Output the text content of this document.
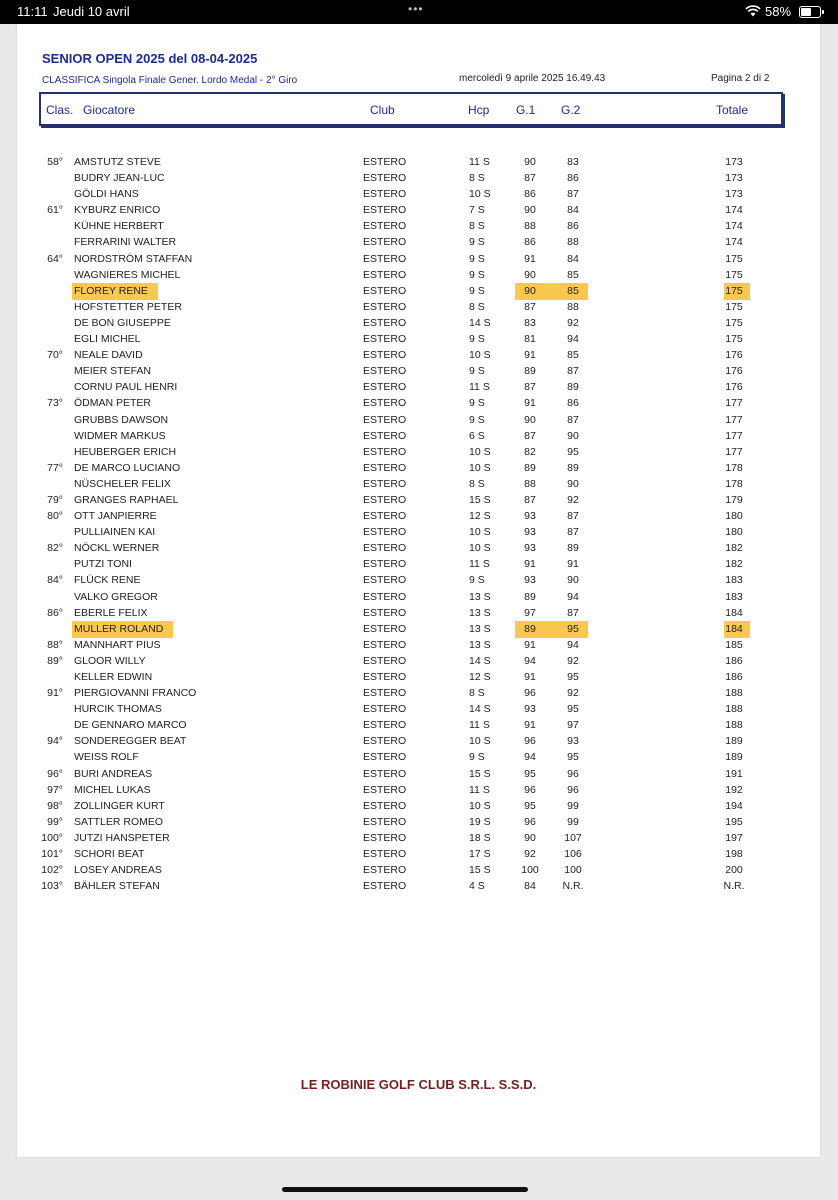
11:11 Jeudi 10 avril	•••	58%
SENIOR OPEN 2025 del 08-04-2025
CLASSIFICA Singola Finale Gener. Lordo Medal - 2° Giro	mercoledì 9 aprile 2025 16.49.43	Pagina 2 di 2
Clas. Giocatore	Club	Hcp G.1 G.2	Totale
58° AMSTUTZ STEVE	ESTERO	11 S	90	83	173
BUDRY JEAN-LUC	ESTERO	8 S	87	86	173
GÖLDI HANS	ESTERO	10 S	86	87	173
61° KYBURZ ENRICO	ESTERO	7 S	90	84	174
KÜHNE HERBERT	ESTERO	8 S	88	86	174
FERRARINI WALTER	ESTERO	9 S	86	88	174
64° NORDSTRÖM STAFFAN	ESTERO	9 S	91	84	175
WAGNIERES MICHEL	ESTERO	9 S	90	85	175
FLOREY RENE	ESTERO	9 S	90	85	175
HOFSTETTER PETER	ESTERO	8 S	87	88	175
DE BON GIUSEPPE	ESTERO	14 S	83	92	175
EGLI MICHEL	ESTERO	9 S	81	94	175
70° NEALE DAVID	ESTERO	10 S	91	85	176
MEIER STEFAN	ESTERO	9 S	89	87	176
CORNU PAUL HENRI	ESTERO	11 S	87	89	176
73° ÖDMAN PETER	ESTERO	9 S	91	86	177
GRUBBS DAWSON	ESTERO	9 S	90	87	177
WIDMER MARKUS	ESTERO	6 S	87	90	177
HEUBERGER ERICH	ESTERO	10 S	82	95	177
77° DE MARCO LUCIANO	ESTERO	10 S	89	89	178
NÜSCHELER FELIX	ESTERO	8 S	88	90	178
79° GRANGES RAPHAEL	ESTERO	15 S	87	92	179
80° OTT JANPIERRE	ESTERO	12 S	93	87	180
PULLIAINEN KAI	ESTERO	10 S	93	87	180
82° NÖCKL WERNER	ESTERO	10 S	93	89	182
PUTZI TONI	ESTERO	11 S	91	91	182
84° FLÜCK RENE	ESTERO	9 S	93	90	183
VALKO GREGOR	ESTERO	13 S	89	94	183
86° EBERLE FELIX	ESTERO	13 S	97	87	184
MULLER ROLAND	ESTERO	13 S	89	95	184
88° MANNHART PIUS	ESTERO	13 S	91	94	185
89° GLOOR WILLY	ESTERO	14 S	94	92	186
KELLER EDWIN	ESTERO	12 S	91	95	186
91° PIERGIOVANNI FRANCO	ESTERO	8 S	96	92	188
HURCIK THOMAS	ESTERO	14 S	93	95	188
DE GENNARO MARCO	ESTERO	11 S	91	97	188
94° SONDEREGGER BEAT	ESTERO	10 S	96	93	189
WEISS ROLF	ESTERO	9 S	94	95	189
96° BURI ANDREAS	ESTERO	15 S	95	96	191
97° MICHEL LUKAS	ESTERO	11 S	96	96	192
98° ZOLLINGER KURT	ESTERO	10 S	95	99	194
99° SATTLER ROMEO	ESTERO	19 S	96	99	195
100° JUTZI HANSPETER	ESTERO	18 S	90	107	197
101° SCHORI BEAT	ESTERO	17 S	92	106	198
102° LOSEY ANDREAS	ESTERO	15 S	100	100	200
103° BÄHLER STEFAN	ESTERO	4 S	84	N.R.	N.R.
LE ROBINIE GOLF CLUB S.R.L. S.S.D.
